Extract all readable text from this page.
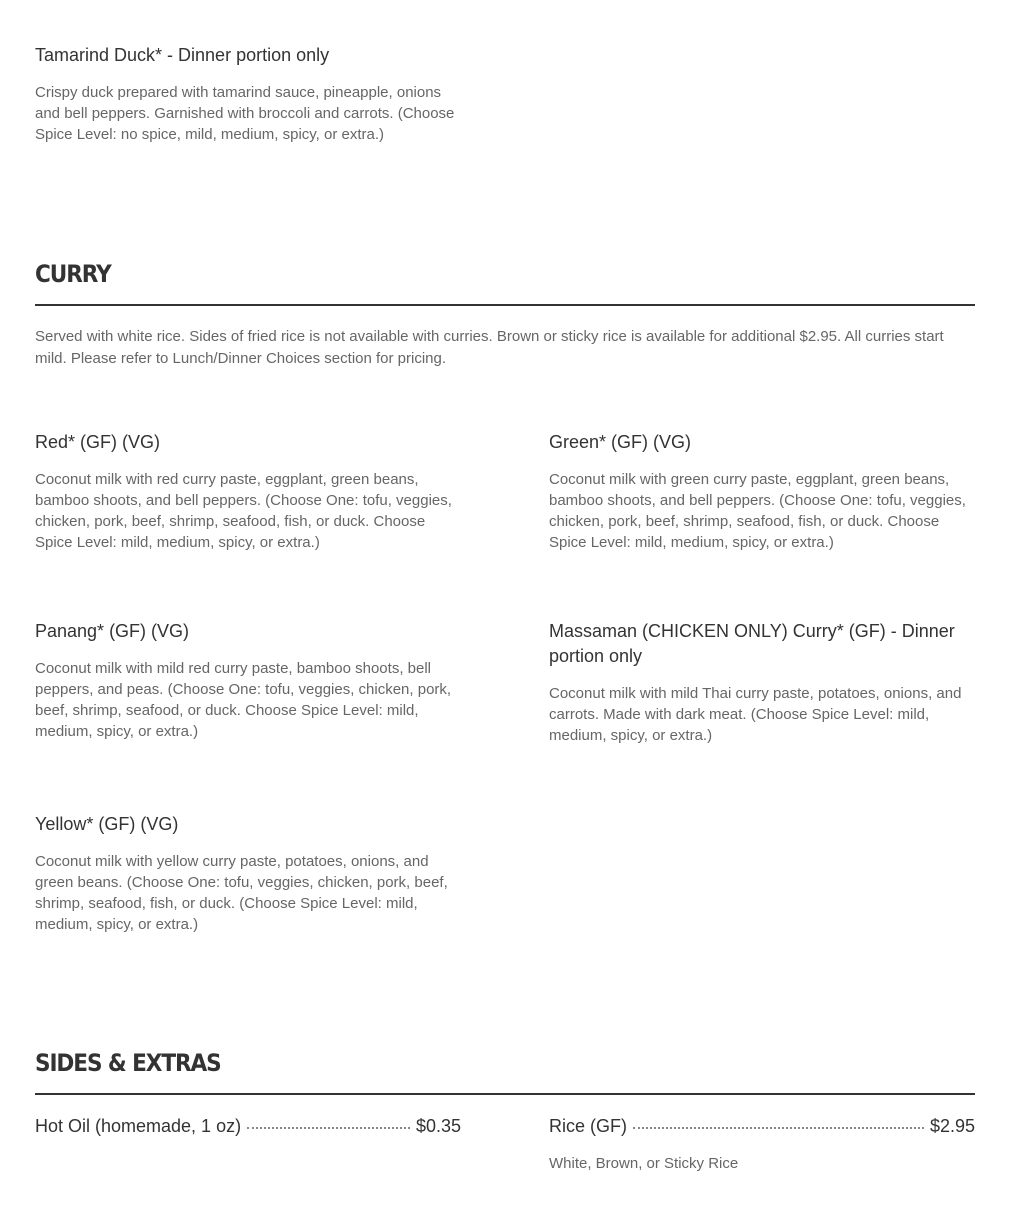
Tamarind Duck* - Dinner portion only

Crispy duck prepared with tamarind sauce, pineapple, onions and bell peppers. Garnished with broccoli and carrots. (Choose Spice Level: no spice, mild, medium, spicy, or extra.)

CURRY

Served with white rice. Sides of fried rice is not available with curries. Brown or sticky rice is available for additional $2.95. All curries start mild. Please refer to Lunch/Dinner Choices section for pricing.

Red* (GF) (VG)

Coconut milk with red curry paste, eggplant, green beans, bamboo shoots, and bell peppers. (Choose One: tofu, veggies, chicken, pork, beef, shrimp, seafood, fish, or duck. Choose Spice Level: mild, medium, spicy, or extra.)

Green* (GF) (VG)

Coconut milk with green curry paste, eggplant, green beans, bamboo shoots, and bell peppers. (Choose One: tofu, veggies, chicken, pork, beef, shrimp, seafood, fish, or duck. Choose Spice Level: mild, medium, spicy, or extra.)

Panang* (GF) (VG)

Coconut milk with mild red curry paste, bamboo shoots, bell peppers, and peas. (Choose One: tofu, veggies, chicken, pork, beef, shrimp, seafood, or duck. Choose Spice Level: mild, medium, spicy, or extra.)

Massaman (CHICKEN ONLY) Curry* (GF) - Dinner portion only

Coconut milk with mild Thai curry paste, potatoes, onions, and carrots. Made with dark meat. (Choose Spice Level: mild, medium, spicy, or extra.)

Yellow* (GF) (VG)

Coconut milk with yellow curry paste, potatoes, onions, and green beans. (Choose One: tofu, veggies, chicken, pork, beef, shrimp, seafood, fish, or duck. (Choose Spice Level: mild, medium, spicy, or extra.)

SIDES & EXTRAS
Hot Oil (homemade, 1 oz)	$0.35	Rice (GF)	$2.95

White, Brown, or Sticky Rice
